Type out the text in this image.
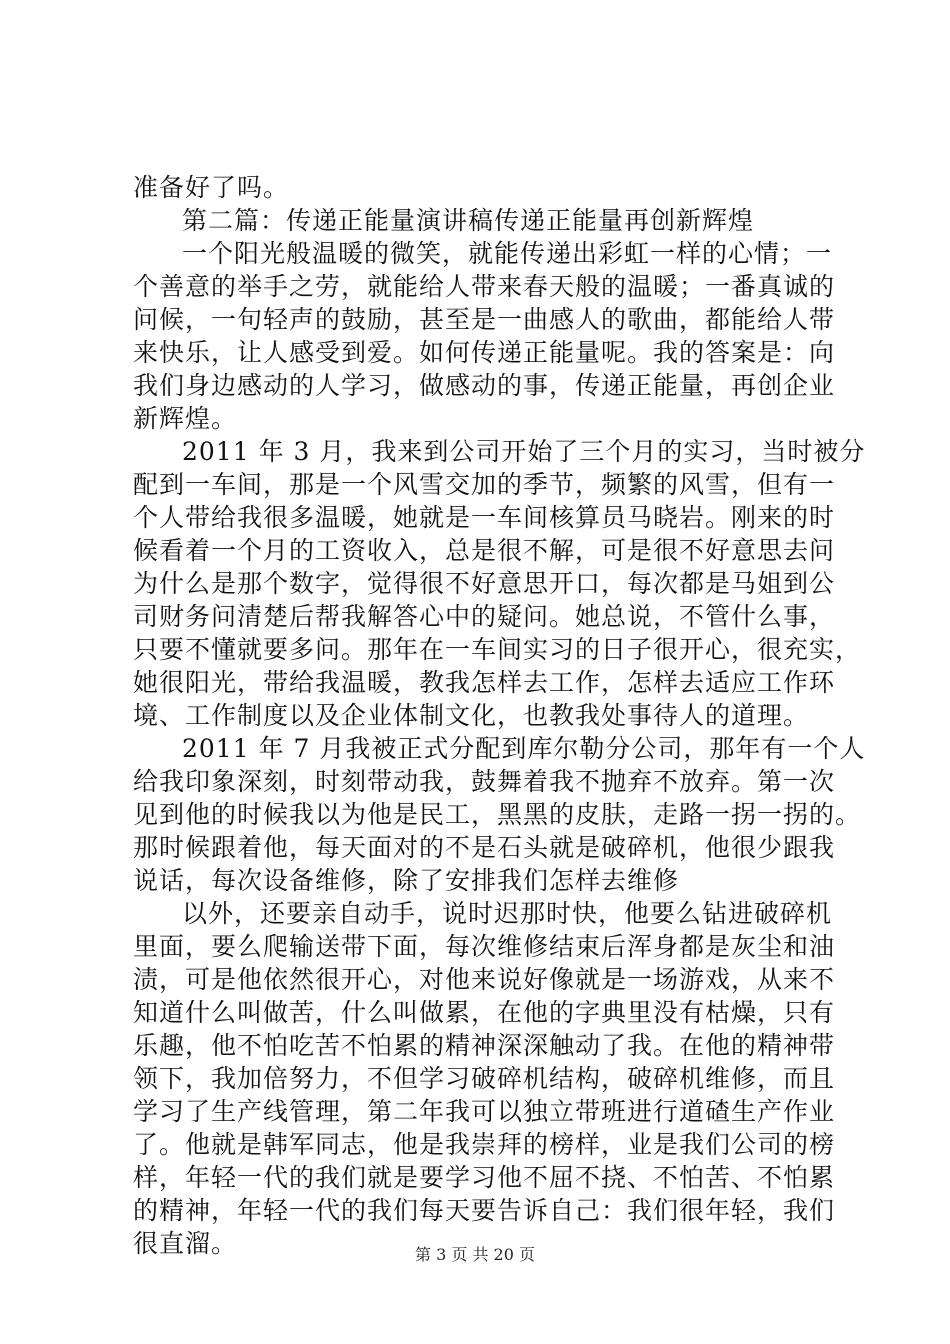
准备好了吗。
第二篇：传递正能量演讲稿传递正能量再创新辉煌
一个阳光般温暖的微笑，就能传递出彩虹一样的心情；一
个善意的举手之劳，就能给人带来春天般的温暖；一番真诚的
问候，一句轻声的鼓励，甚至是一曲感人的歌曲，都能给人带
来快乐，让人感受到爱。如何传递正能量呢。我的答案是：向
我们身边感动的人学习，做感动的事，传递正能量，再创企业
新辉煌。
2011 年 3 月，我来到公司开始了三个月的实习，当时被分
配到一车间，那是一个风雪交加的季节，频繁的风雪，但有一
个人带给我很多温暖，她就是一车间核算员马晓岩。刚来的时
候看着一个月的工资收入，总是很不解，可是很不好意思去问
为什么是那个数字，觉得很不好意思开口，每次都是马姐到公
司财务问清楚后帮我解答心中的疑问。她总说，不管什么事，
只要不懂就要多问。那年在一车间实习的日子很开心，很充实，
她很阳光，带给我温暖，教我怎样去工作，怎样去适应工作环
境、工作制度以及企业体制文化，也教我处事待人的道理。
2011 年 7 月我被正式分配到库尔勒分公司，那年有一个人
给我印象深刻，时刻带动我，鼓舞着我不抛弃不放弃。第一次
见到他的时候我以为他是民工，黑黑的皮肤，走路一拐一拐的。
那时候跟着他，每天面对的不是石头就是破碎机，他很少跟我
说话，每次设备维修，除了安排我们怎样去维修
以外，还要亲自动手，说时迟那时快，他要么钻进破碎机
里面，要么爬输送带下面，每次维修结束后浑身都是灰尘和油
渍，可是他依然很开心，对他来说好像就是一场游戏，从来不
知道什么叫做苦，什么叫做累，在他的字典里没有枯燥，只有
乐趣，他不怕吃苦不怕累的精神深深触动了我。在他的精神带
领下，我加倍努力，不但学习破碎机结构，破碎机维修，而且
学习了生产线管理，第二年我可以独立带班进行道碴生产作业
了。他就是韩军同志，他是我崇拜的榜样，业是我们公司的榜
样，年轻一代的我们就是要学习他不屈不挠、不怕苦、不怕累
的精神，年轻一代的我们每天要告诉自己：我们很年轻，我们
很直溜。	第 3 页 共 20 页
